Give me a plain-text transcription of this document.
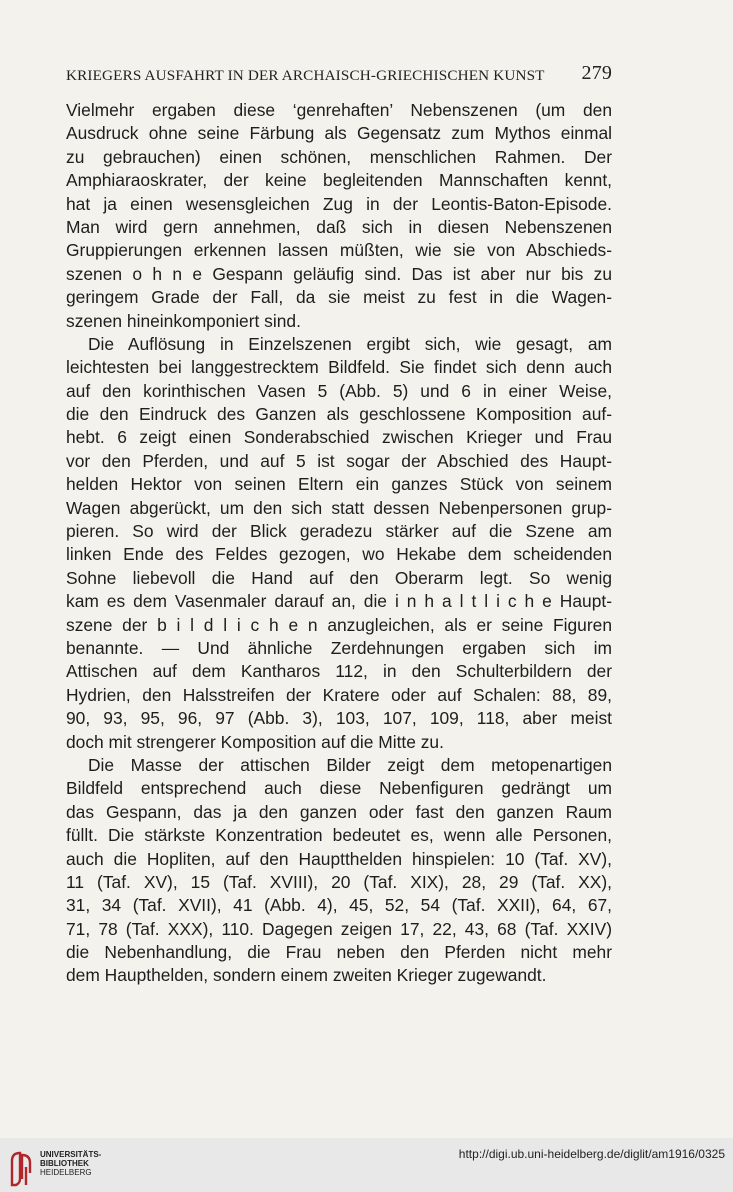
KRIEGERS AUSFAHRT IN DER ARCHAISCH-GRIECHISCHEN KUNST 279
Vielmehr ergaben diese ‘genrehaften’ Nebenszenen (um den
Ausdruck ohne seine Färbung als Gegensatz zum Mythos einmal
zu gebrauchen) einen schönen, menschlichen Rahmen. Der
Amphiaraoskrater, der keine begleitenden Mannschaften kennt,
hat ja einen wesensgleichen Zug in der Leontis-Baton-Episode.
Man wird gern annehmen, daß sich in diesen Nebenszenen
Gruppierungen erkennen lassen müßten, wie sie von Abschieds-
szenen o h n e Gespann geläufig sind. Das ist aber nur bis zu
geringem Grade der Fall, da sie meist zu fest in die Wagen-
szenen hineinkomponiert sind.
Die Auflösung in Einzelszenen ergibt sich, wie gesagt, am
leichtesten bei langgestrecktem Bildfeld. Sie findet sich denn auch
auf den korinthischen Vasen 5 (Abb. 5) und 6 in einer Weise,
die den Eindruck des Ganzen als geschlossene Komposition auf-
hebt. 6 zeigt einen Sonderabschied zwischen Krieger und Frau
vor den Pferden, und auf 5 ist sogar der Abschied des Haupt-
helden Hektor von seinen Eltern ein ganzes Stück von seinem
Wagen abgerückt, um den sich statt dessen Nebenpersonen grup-
pieren. So wird der Blick geradezu stärker auf die Szene am
linken Ende des Feldes gezogen, wo Hekabe dem scheidenden
Sohne liebevoll die Hand auf den Oberarm legt. So wenig
kam es dem Vasenmaler darauf an, die i n h a l t l i c h e Haupt-
szene der b i l d l i c h e n anzugleichen, als er seine Figuren
benannte. — Und ähnliche Zerdehnungen ergaben sich im
Attischen auf dem Kantharos 112, in den Schulterbildern der
Hydrien, den Halsstreifen der Kratere oder auf Schalen: 88, 89,
90, 93, 95, 96, 97 (Abb. 3), 103, 107, 109, 118, aber meist
doch mit strengerer Komposition auf die Mitte zu.
Die Masse der attischen Bilder zeigt dem metopenartigen
Bildfeld entsprechend auch diese Nebenfiguren gedrängt um
das Gespann, das ja den ganzen oder fast den ganzen Raum
füllt. Die stärkste Konzentration bedeutet es, wenn alle Personen,
auch die Hopliten, auf den Hauptthelden hinspielen: 10 (Taf. XV),
11 (Taf. XV), 15 (Taf. XVIII), 20 (Taf. XIX), 28, 29 (Taf. XX),
31, 34 (Taf. XVII), 41 (Abb. 4), 45, 52, 54 (Taf. XXII), 64, 67,
71, 78 (Taf. XXX), 110. Dagegen zeigen 17, 22, 43, 68 (Taf. XXIV)
die Nebenhandlung, die Frau neben den Pferden nicht mehr
dem Haupthelden, sondern einem zweiten Krieger zugewandt.
UNIVERSITÄTS-
BIBLIOTHEK
HEIDELBERG
http://digi.ub.uni-heidelberg.de/diglit/am1916/0325
